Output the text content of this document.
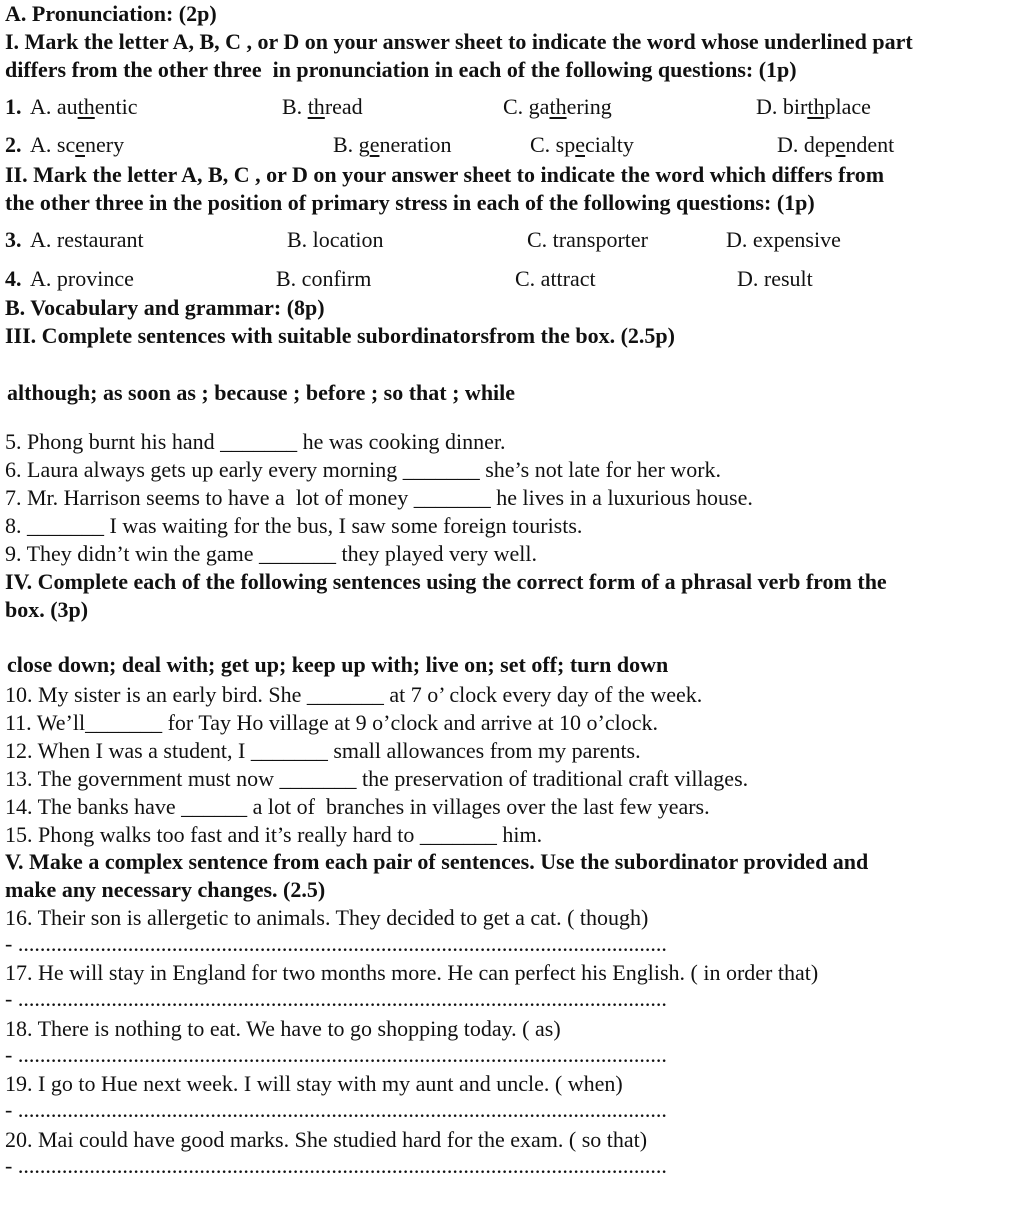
A. Pronunciation: (2p)
I. Mark the letter A, B, C , or D on your answer sheet to indicate the word whose underlined part
differs from the other three  in pronunciation in each of the following questions: (1p)
1. A. authentic	B. thread	C. gathering	D. birthplace
2. A. scenery	B. generation	C. specialty	D. dependent
II. Mark the letter A, B, C , or D on your answer sheet to indicate the word which differs from
the other three in the position of primary stress in each of the following questions: (1p)
3. A. restaurant	B. location	C. transporter	D. expensive
4. A. province	B. confirm	C. attract	D. result
B. Vocabulary and grammar: (8p)
III. Complete sentences with suitable subordinatorsfrom the box. (2.5p)
although; as soon as ; because ; before ; so that ; while
5. Phong burnt his hand _______ he was cooking dinner.
6. Laura always gets up early every morning _______ she’s not late for her work.
7. Mr. Harrison seems to have a  lot of money _______ he lives in a luxurious house.
8. _______ I was waiting for the bus, I saw some foreign tourists.
9. They didn’t win the game _______ they played very well.
IV. Complete each of the following sentences using the correct form of a phrasal verb from the
box. (3p)
close down; deal with; get up; keep up with; live on; set off; turn down
10. My sister is an early bird. She _______ at 7 o’ clock every day of the week.
11. We’ll_______ for Tay Ho village at 9 o’clock and arrive at 10 o’clock.
12. When I was a student, I _______ small allowances from my parents.
13. The government must now _______ the preservation of traditional craft villages.
14. The banks have ______ a lot of  branches in villages over the last few years.
15. Phong walks too fast and it’s really hard to _______ him.
V. Make a complex sentence from each pair of sentences. Use the subordinator provided and
make any necessary changes. (2.5)
16. Their son is allergetic to animals. They decided to get a cat. ( though)
- ......................................................................................................................
17. He will stay in England for two months more. He can perfect his English. ( in order that)
- ......................................................................................................................
18. There is nothing to eat. We have to go shopping today. ( as)
- ......................................................................................................................
19. I go to Hue next week. I will stay with my aunt and uncle. ( when)
- ......................................................................................................................
20. Mai could have good marks. She studied hard for the exam. ( so that)
- ......................................................................................................................
